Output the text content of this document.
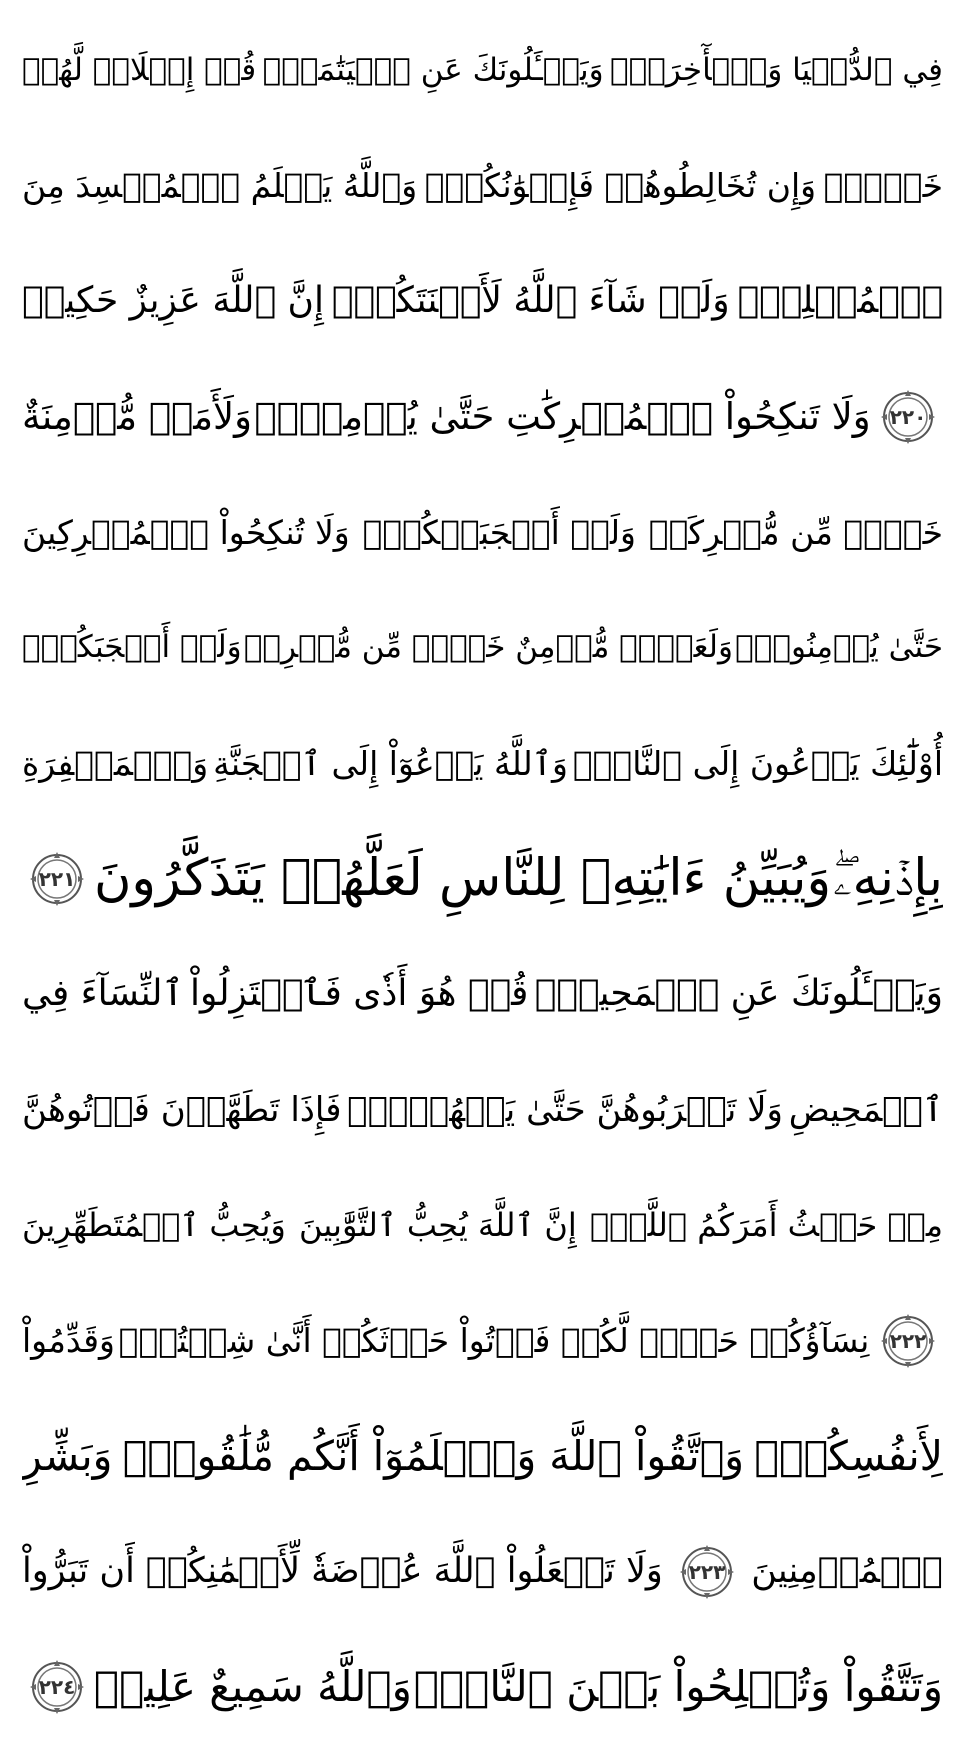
فِي ٱلدُّنۡيَا وَٱلۡأٓخِرَةِۗ
وَيَسۡـَٔلُونَكَ عَنِ ٱلۡيَتَٰمَىٰۖ
قُلۡ إِصۡلَاحٞ لَّهُمۡ
خَيۡرٞۖ
وَإِن تُخَالِطُوهُمۡ فَإِخۡوَٰنُكُمۡۚ
وَٱللَّهُ يَعۡلَمُ ٱلۡمُفۡسِدَ مِنَ
ٱلۡمُصۡلِحِۚ
وَلَوۡ شَآءَ ٱللَّهُ لَأَعۡنَتَكُمۡۚ
إِنَّ ٱللَّهَ عَزِيزٌ حَكِيمٞ
٢٢٠
وَلَا تَنكِحُواْ ٱلۡمُشۡرِكَٰتِ حَتَّىٰ يُؤۡمِنَّۚ
وَلَأَمَةٞ مُّؤۡمِنَةٌ
خَيۡرٞ مِّن مُّشۡرِكَةٖ
وَلَوۡ أَعۡجَبَتۡكُمۡۗ
وَلَا تُنكِحُواْ ٱلۡمُشۡرِكِينَ
حَتَّىٰ يُؤۡمِنُواْۚ
وَلَعَبۡدٞ مُّؤۡمِنٌ خَيۡرٞ مِّن مُّشۡرِكٖ
وَلَوۡ أَعۡجَبَكُمۡۗ
أُوْلَٰٓئِكَ يَدۡعُونَ إِلَى ٱلنَّارِۖ
وَٱللَّهُ يَدۡعُوٓاْ إِلَى ٱلۡجَنَّةِ
وَٱلۡمَغۡفِرَةِ
بِإِذۡنِهِۦۖ
وَيُبَيِّنُ ءَايَٰتِهِۦ لِلنَّاسِ لَعَلَّهُمۡ يَتَذَكَّرُونَ
٢٢١
وَيَسۡـَٔلُونَكَ عَنِ ٱلۡمَحِيضِۖ
قُلۡ هُوَ أَذٗى فَٱعۡتَزِلُواْ
ٱلنِّسَآءَ فِي
ٱلۡمَحِيضِ
وَلَا تَقۡرَبُوهُنَّ حَتَّىٰ يَطۡهُرۡنَۖ
فَإِذَا تَطَهَّرۡنَ فَأۡتُوهُنَّ
مِنۡ حَيۡثُ أَمَرَكُمُ ٱللَّهُۚ
إِنَّ ٱللَّهَ يُحِبُّ ٱلتَّوَّٰبِينَ
وَيُحِبُّ ٱلۡمُتَطَهِّرِينَ
٢٢٢
نِسَآؤُكُمۡ حَرۡثٞ لَّكُمۡ فَأۡتُواْ حَرۡثَكُمۡ أَنَّىٰ شِئۡتُمۡۖ
وَقَدِّمُواْ
لِأَنفُسِكُمۡۚ
وَٱتَّقُواْ ٱللَّهَ وَٱعۡلَمُوٓاْ أَنَّكُم مُّلَٰقُوهُۗ
وَبَشِّرِ
ٱلۡمُؤۡمِنِينَ
٢٢٣
وَلَا تَجۡعَلُواْ ٱللَّهَ عُرۡضَةٗ لِّأَيۡمَٰنِكُمۡ أَن تَبَرُّواْ
وَتَتَّقُواْ وَتُصۡلِحُواْ بَيۡنَ ٱلنَّاسِۚ
وَٱللَّهُ سَمِيعٌ عَلِيمٞ
٢٢٤
